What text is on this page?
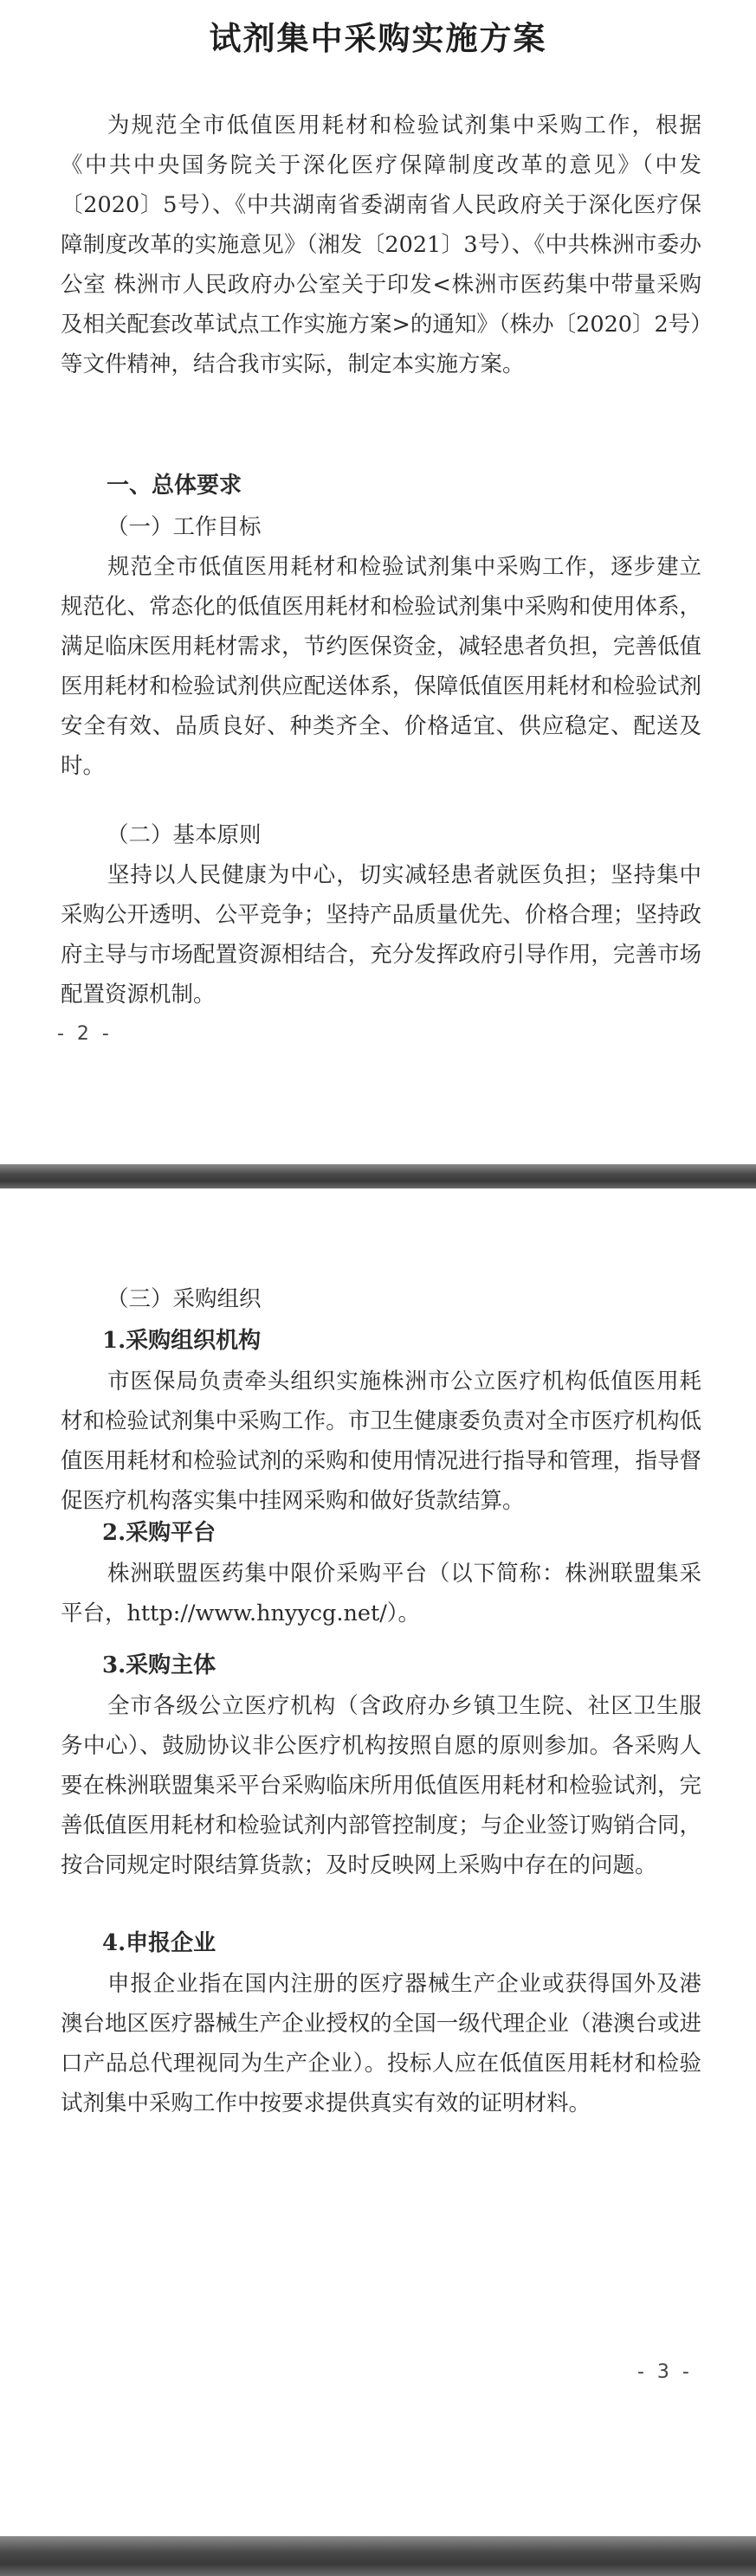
试剂集中采购实施方案

为规范全市低值医用耗材和检验试剂集中采购工作，根据《中共中央国务院关于深化医疗保障制度改革的意见》（中发〔2020〕5号）、《中共湖南省委湖南省人民政府关于深化医疗保障制度改革的实施意见》（湘发〔2021〕3号）、《中共株洲市委办公室 株洲市人民政府办公室关于印发<株洲市医药集中带量采购及相关配套改革试点工作实施方案>的通知》（株办〔2020〕2号）等文件精神，结合我市实际，制定本实施方案。

一、总体要求

（一）工作目标

规范全市低值医用耗材和检验试剂集中采购工作，逐步建立规范化、常态化的低值医用耗材和检验试剂集中采购和使用体系，满足临床医用耗材需求，节约医保资金，减轻患者负担，完善低值医用耗材和检验试剂供应配送体系，保障低值医用耗材和检验试剂安全有效、品质良好、种类齐全、价格适宜、供应稳定、配送及时。

（二）基本原则

坚持以人民健康为中心，切实减轻患者就医负担；坚持集中采购公开透明、公平竞争；坚持产品质量优先、价格合理；坚持政府主导与市场配置资源相结合，充分发挥政府引导作用，完善市场配置资源机制。

- 2 -

（三）采购组织

1.采购组织机构

市医保局负责牵头组织实施株洲市公立医疗机构低值医用耗材和检验试剂集中采购工作。市卫生健康委负责对全市医疗机构低值医用耗材和检验试剂的采购和使用情况进行指导和管理，指导督促医疗机构落实集中挂网采购和做好货款结算。

2.采购平台

株洲联盟医药集中限价采购平台（以下简称：株洲联盟集采平台，http://www.hnyycg.net/）。

3.采购主体

全市各级公立医疗机构（含政府办乡镇卫生院、社区卫生服务中心）、鼓励协议非公医疗机构按照自愿的原则参加。各采购人要在株洲联盟集采平台采购临床所用低值医用耗材和检验试剂，完善低值医用耗材和检验试剂内部管控制度；与企业签订购销合同，按合同规定时限结算货款；及时反映网上采购中存在的问题。

4.申报企业

申报企业指在国内注册的医疗器械生产企业或获得国外及港澳台地区医疗器械生产企业授权的全国一级代理企业（港澳台或进口产品总代理视同为生产企业）。投标人应在低值医用耗材和检验试剂集中采购工作中按要求提供真实有效的证明材料。

- 3 -
